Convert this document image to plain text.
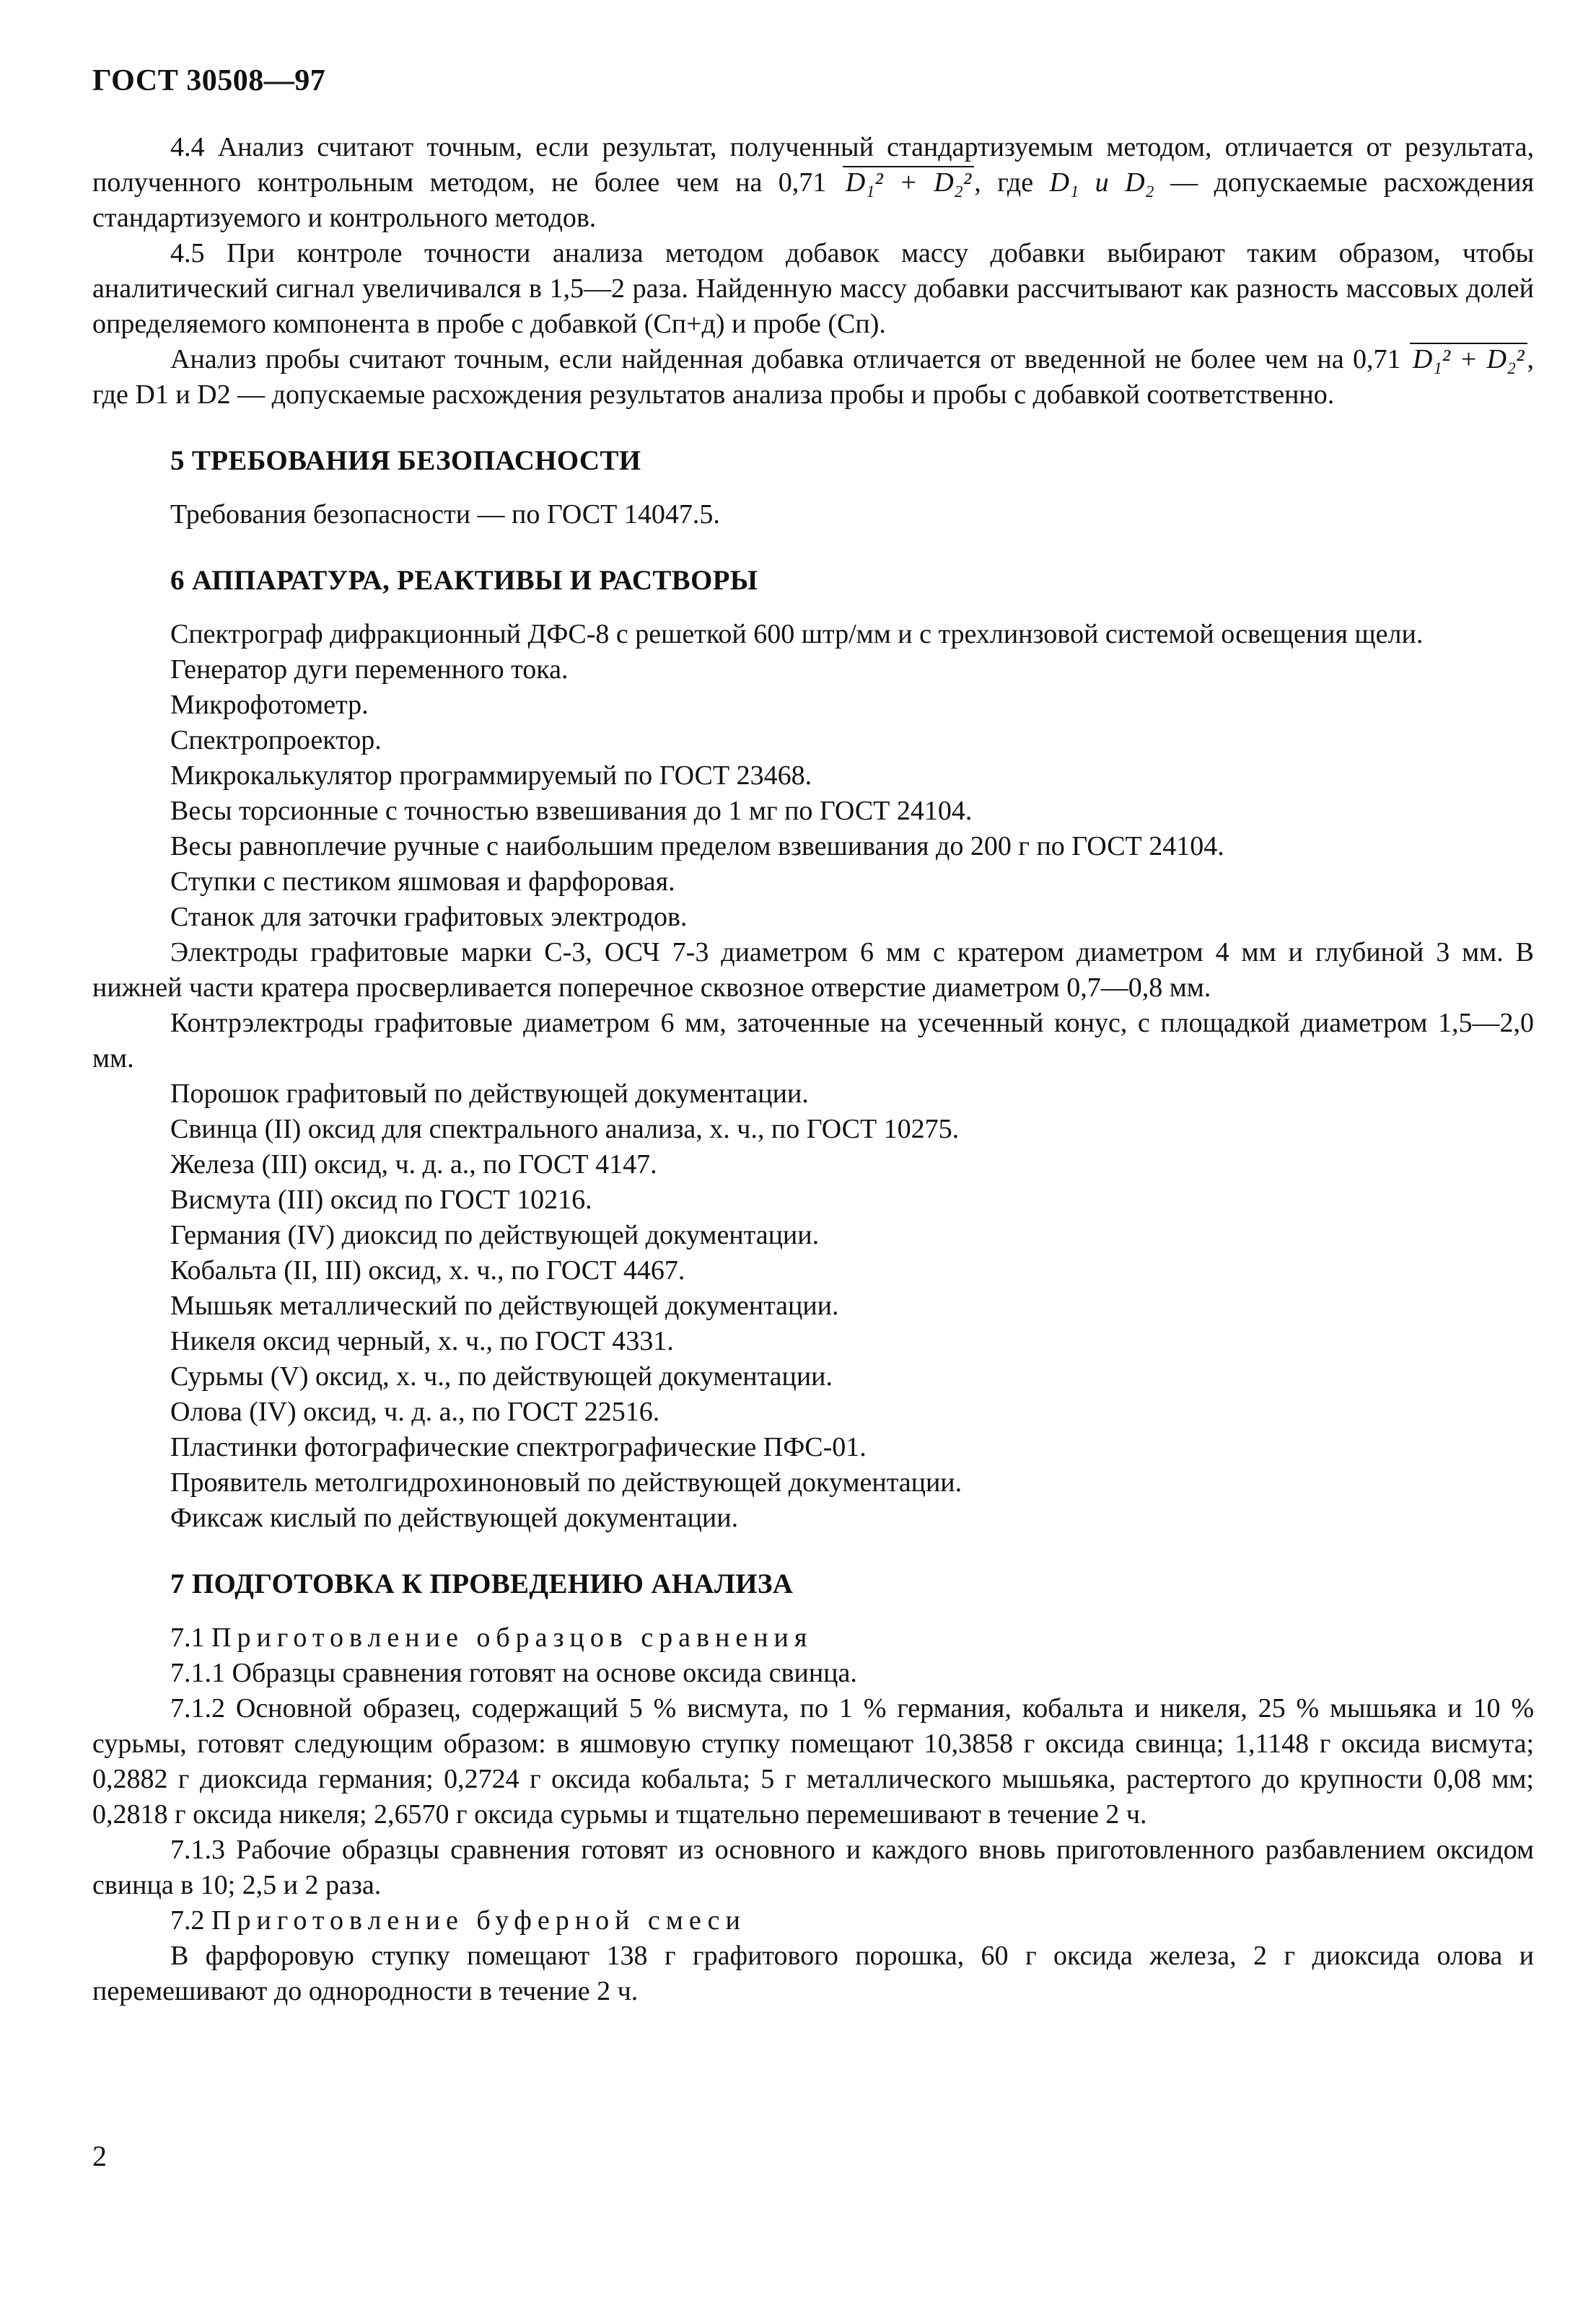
ГОСТ 30508—97

4.4 Анализ считают точным, если результат, полученный стандартизуемым методом, отличается от результата, полученного контрольным методом, не более чем на 0,71 D₁² + D₂² , где D₁ и D₂ — допускаемые расхождения стандартизуемого и контрольного методов.

4.5 При контроле точности анализа методом добавок массу добавки выбирают таким образом, чтобы аналитический сигнал увеличивался в 1,5—2 раза. Найденную массу добавки рассчитывают как разность массовых долей определяемого компонента в пробе с добавкой (Cп+д) и пробе (Cп).

Анализ пробы считают точным, если найденная добавка отличается от введенной не более чем на 0,71 D₁² + D₂² , где D1 и D2 — допускаемые расхождения результатов анализа пробы и пробы с добавкой соответственно.

5 ТРЕБОВАНИЯ БЕЗОПАСНОСТИ

Требования безопасности — по ГОСТ 14047.5.

6 АППАРАТУРА, РЕАКТИВЫ И РАСТВОРЫ

Спектрограф дифракционный ДФС-8 с решеткой 600 штр/мм и с трехлинзовой системой освещения щели.

Генератор дуги переменного тока.

Микрофотометр.

Спектропроектор.

Микрокалькулятор программируемый по ГОСТ 23468.

Весы торсионные с точностью взвешивания до 1 мг по ГОСТ 24104.

Весы равноплечие ручные с наибольшим пределом взвешивания до 200 г по ГОСТ 24104.

Ступки с пестиком яшмовая и фарфоровая.

Станок для заточки графитовых электродов.

Электроды графитовые марки С-3, ОСЧ 7-3 диаметром 6 мм с кратером диаметром 4 мм и глубиной 3 мм. В нижней части кратера просверливается поперечное сквозное отверстие диаметром 0,7—0,8 мм.

Контрэлектроды графитовые диаметром 6 мм, заточенные на усеченный конус, с площадкой диаметром 1,5—2,0 мм.

Порошок графитовый по действующей документации.

Свинца (II) оксид для спектрального анализа, х. ч., по ГОСТ 10275.

Железа (III) оксид, ч. д. а., по ГОСТ 4147.

Висмута (III) оксид по ГОСТ 10216.

Германия (IV) диоксид по действующей документации.

Кобальта (II, III) оксид, х. ч., по ГОСТ 4467.

Мышьяк металлический по действующей документации.

Никеля оксид черный, х. ч., по ГОСТ 4331.

Сурьмы (V) оксид, х. ч., по действующей документации.

Олова (IV) оксид, ч. д. а., по ГОСТ 22516.

Пластинки фотографические спектрографические ПФС-01.

Проявитель метолгидрохиноновый по действующей документации.

Фиксаж кислый по действующей документации.

7 ПОДГОТОВКА К ПРОВЕДЕНИЮ АНАЛИЗА

7.1 Приготовление образцов сравнения

7.1.1 Образцы сравнения готовят на основе оксида свинца.

7.1.2 Основной образец, содержащий 5 % висмута, по 1 % германия, кобальта и никеля, 25 % мышьяка и 10 % сурьмы, готовят следующим образом: в яшмовую ступку помещают 10,3858 г оксида свинца; 1,1148 г оксида висмута; 0,2882 г диоксида германия; 0,2724 г оксида кобальта; 5 г металлического мышьяка, растертого до крупности 0,08 мм; 0,2818 г оксида никеля; 2,6570 г оксида сурьмы и тщательно перемешивают в течение 2 ч.

7.1.3 Рабочие образцы сравнения готовят из основного и каждого вновь приготовленного разбавлением оксидом свинца в 10; 2,5 и 2 раза.

7.2 Приготовление буферной смеси

В фарфоровую ступку помещают 138 г графитового порошка, 60 г оксида железа, 2 г диоксида олова и перемешивают до однородности в течение 2 ч.

2
